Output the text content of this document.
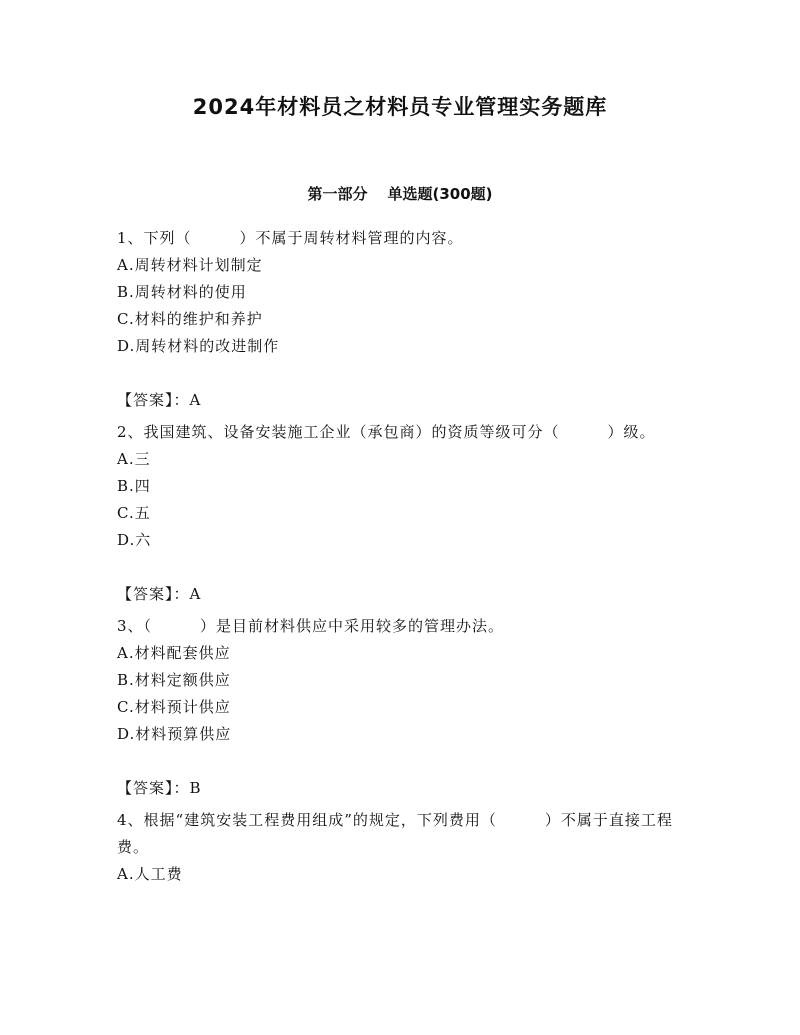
2024年材料员之材料员专业管理实务题库
第一部分 单选题(300题)

1、下列（　　　）不属于周转材料管理的内容。

A.周转材料计划制定

B.周转材料的使用

C.材料的维护和养护

D.周转材料的改进制作

【答案】：A

2、我国建筑、设备安装施工企业（承包商）的资质等级可分（　　　）级。

A.三

B.四

C.五

D.六

【答案】：A

3、（　　　）是目前材料供应中采用较多的管理办法。

A.材料配套供应

B.材料定额供应

C.材料预计供应

D.材料预算供应

【答案】：B

4、根据“建筑安装工程费用组成”的规定，下列费用（　　　）不属于直接工程费。

A.人工费
